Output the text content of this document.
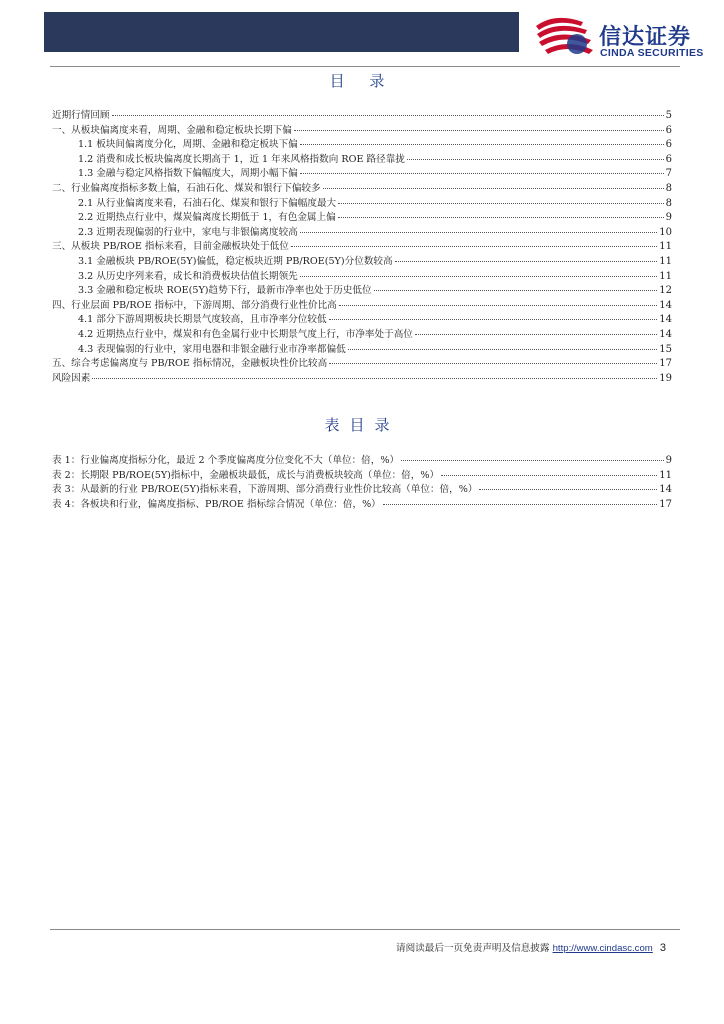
信达证券
CINDA SECURITIES
目 录
近期行情回顾	5
一、从板块偏离度来看，周期、金融和稳定板块长期下偏	6
1.1 板块间偏离度分化，周期、金融和稳定板块下偏	6
1.2 消费和成长板块偏离度长期高于 1，近 1 年来风格指数向 ROE 路径靠拢	6
1.3 金融与稳定风格指数下偏幅度大，周期小幅下偏	7
二、行业偏离度指标多数上偏，石油石化、煤炭和银行下偏较多	8
2.1 从行业偏离度来看，石油石化、煤炭和银行下偏幅度最大	8
2.2 近期热点行业中，煤炭偏离度长期低于 1，有色金属上偏	9
2.3 近期表现偏弱的行业中，家电与非银偏离度较高	10
三、从板块 PB/ROE 指标来看，目前金融板块处于低位	11
3.1 金融板块 PB/ROE(5Y)偏低，稳定板块近期 PB/ROE(5Y)分位数较高	11
3.2 从历史序列来看，成长和消费板块估值长期领先	11
3.3 金融和稳定板块 ROE(5Y)趋势下行，最新市净率也处于历史低位	12
四、行业层面 PB/ROE 指标中，下游周期、部分消费行业性价比高	14
4.1 部分下游周期板块长期景气度较高，且市净率分位较低	14
4.2 近期热点行业中，煤炭和有色金属行业中长期景气度上行，市净率处于高位	14
4.3 表现偏弱的行业中，家用电器和非银金融行业市净率都偏低	15
五、综合考虑偏离度与 PB/ROE 指标情况，金融板块性价比较高	17
风险因素	19
表目录
表 1：行业偏离度指标分化，最近 2 个季度偏离度分位变化不大（单位：倍，%）	9
表 2：长期限 PB/ROE(5Y)指标中，金融板块最低，成长与消费板块较高（单位：倍，%）	11
表 3：从最新的行业 PB/ROE(5Y)指标来看，下游周期、部分消费行业性价比较高（单位：倍，%）	14
表 4：各板块和行业，偏离度指标、PB/ROE 指标综合情况（单位：倍，%）	17
请阅读最后一页免责声明及信息披露 http://www.cindasc.com 3
